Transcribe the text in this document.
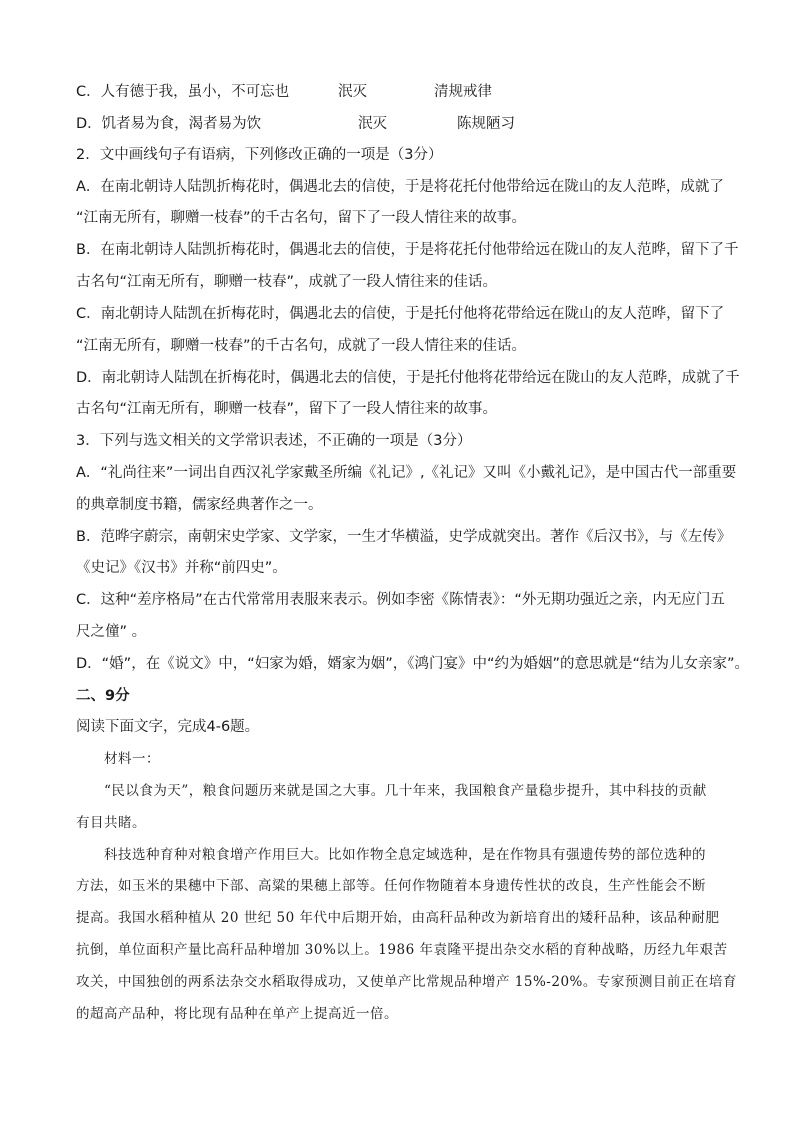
C．人有德于我，虽小，不可忘也	泯灭	清规戒律
D．饥者易为食，渴者易为饮	泯灭	陈规陋习
2．文中画线句子有语病，下列修改正确的一项是（3分）
A．在南北朝诗人陆凯折梅花时，偶遇北去的信使，于是将花托付他带给远在陇山的友人范晔，成就了
“江南无所有，聊赠一枝春”的千古名句，留下了一段人情往来的故事。
B．在南北朝诗人陆凯折梅花时，偶遇北去的信使，于是将花托付他带给远在陇山的友人范晔，留下了千
古名句“江南无所有，聊赠一枝春”，成就了一段人情往来的佳话。
C．南北朝诗人陆凯在折梅花时，偶遇北去的信使，于是托付他将花带给远在陇山的友人范晔，留下了
“江南无所有，聊赠一枝春”的千古名句，成就了一段人情往来的佳话。
D．南北朝诗人陆凯在折梅花时，偶遇北去的信使，于是托付他将花带给远在陇山的友人范晔，成就了千
古名句“江南无所有，聊赠一枝春”，留下了一段人情往来的故事。
3．下列与选文相关的文学常识表述，不正确的一项是（3分）
A．“礼尚往来”一词出自西汉礼学家戴圣所编《礼记》,《礼记》又叫《小戴礼记》，是中国古代一部重要
的典章制度书籍，儒家经典著作之一。
B．范晔字蔚宗，南朝宋史学家、文学家，一生才华横溢，史学成就突出。著作《后汉书》，与《左传》
《史记》《汉书》并称“前四史”。
C．这种“差序格局”在古代常常用表服来表示。例如李密《陈情表》：“外无期功强近之亲，内无应门五
尺之僮” 。
D．“婚”，在《说文》中，“妇家为婚，婿家为姻”，《鸿门宴》中“约为婚姻”的意思就是“结为儿女亲家”。
二、9分
阅读下面文字，完成4-6题。
材料一：
“民以食为天”，粮食问题历来就是国之大事。几十年来，我国粮食产量稳步提升，其中科技的贡献
有目共睹。
科技选种育种对粮食增产作用巨大。比如作物全息定域选种，是在作物具有强遗传势的部位选种的
方法，如玉米的果穗中下部、高粱的果穗上部等。任何作物随着本身遗传性状的改良，生产性能会不断
提高。我国水稻种植从 20 世纪 50 年代中后期开始，由高秆品种改为新培育出的矮秆品种，该品种耐肥
抗倒，单位面积产量比高秆品种增加 30%以上。1986 年袁隆平提出杂交水稻的育种战略，历经九年艰苦
攻关，中国独创的两系法杂交水稻取得成功，又使单产比常规品种增产 15%-20%。专家预测目前正在培育
的超高产品种，将比现有品种在单产上提高近一倍。
